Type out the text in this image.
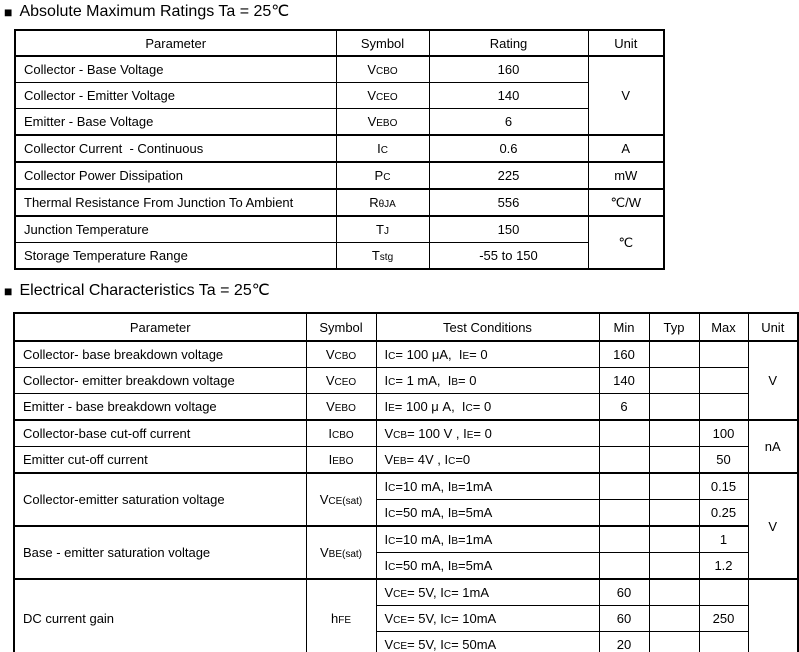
■ Absolute Maximum Ratings Ta = 25℃
Parameter	Symbol	Rating	Unit
Collector - Base Voltage	VCBO	160	V
Collector - Emitter Voltage	VCEO	140	
Emitter - Base Voltage	VEBO	6	
Collector Current  - Continuous	IC	0.6	A
Collector Power Dissipation	PC	225	mW
Thermal Resistance From Junction To Ambient	RθJA	556	℃/W
Junction Temperature	TJ	150	℃
Storage Temperature Range	Tstg	-55 to 150	
■ Electrical Characteristics Ta = 25℃
Parameter	Symbol	Test Conditions	Min	Typ	Max	Unit
Collector- base breakdown voltage	VCBO	IC= 100 μA,  IE= 0	160			V
Collector- emitter breakdown voltage	VCEO	IC= 1 mA,  IB= 0	140			
Emitter - base breakdown voltage	VEBO	IE= 100 μ A,  IC= 0	6			
Collector-base cut-off current	ICBO	VCB= 100 V , IE= 0			100	nA
Emitter cut-off current	IEBO	VEB= 4V , IC=0			50	
Collector-emitter saturation voltage	VCE(sat)	IC=10 mA, IB=1mA			0.15	V
		IC=50 mA, IB=5mA			0.25	
Base - emitter saturation voltage	VBE(sat)	IC=10 mA, IB=1mA			1	
		IC=50 mA, IB=5mA			1.2	
DC current gain	hFE	VCE= 5V, IC= 1mA	60			
		VCE= 5V, IC= 10mA	60		250	
		VCE= 5V, IC= 50mA	20			
